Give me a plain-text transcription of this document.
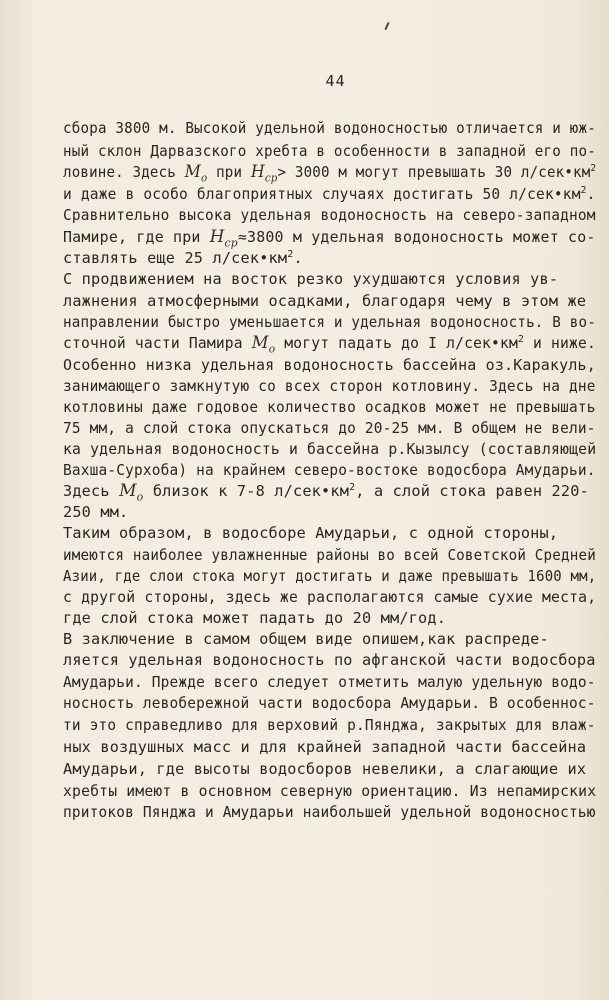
44
сбора 3800 м. Высокой удельной водоносностью отличается и юж-
ный склон Дарвазского хребта в особенности в западной его по-
ловине. Здесь $M_o$ при $H_{ср}> 3000$ м могут превышать 30 $л/сек•км^2$
и даже в особо благоприятных случаях достигать 50 $л/сек•км^2$.
Сравнительно высока удельная водоносность на северо-западном
Памире, где при $H_{ср}\approx 3800$ м удельная водоносность может со-
ставлять еще 25 $л/сек•км^2$.
С продвижением на восток резко ухудшаются условия ув-
лажнения атмосферными осадками, благодаря чему в этом же
направлении быстро уменьшается и удельная водоносность. В во-
сточной части Памира $M_o$ могут падать до I $л/сек•км^2$ и ниже.
Особенно низка удельная водоносность бассейна оз.Каракуль,
занимающего замкнутую со всех сторон котловину. Здесь на дне
котловины даже годовое количество осадков может не превышать
75 мм, а слой стока опускаться до 20-25 мм. В общем не вели-
ка удельная водоносность и бассейна р.Кызылсу (составляющей
Вахша-Сурхоба) на крайнем северо-востоке водосбора Амударьи.
Здесь $M_o$ близок к 7-8 $л/сек•км^2$, а слой стока равен 220-
250 мм.
Таким образом, в водосборе Амударьи, с одной стороны,
имеются наиболее увлажненные районы во всей Советской Средней
Азии, где слои стока могут достигать и даже превышать 1600 мм,
с другой стороны, здесь же располагаются самые сухие места,
где слой стока может падать до 20 мм/год.
В заключение в самом общем виде опишем,как распреде-
ляется удельная водоносность по афганской части водосбора
Амударьи. Прежде всего следует отметить малую удельную водо-
носность левобережной части водосбора Амударьи. В особеннос-
ти это справедливо для верховий р.Пянджа, закрытых для влаж-
ных воздушных масс и для крайней западной части бассейна
Амударьи, где высоты водосборов невелики, а слагающие их
хребты имеют в основном северную ориентацию. Из непамирских
притоков Пянджа и Амударьи наибольшей удельной водоносностью
